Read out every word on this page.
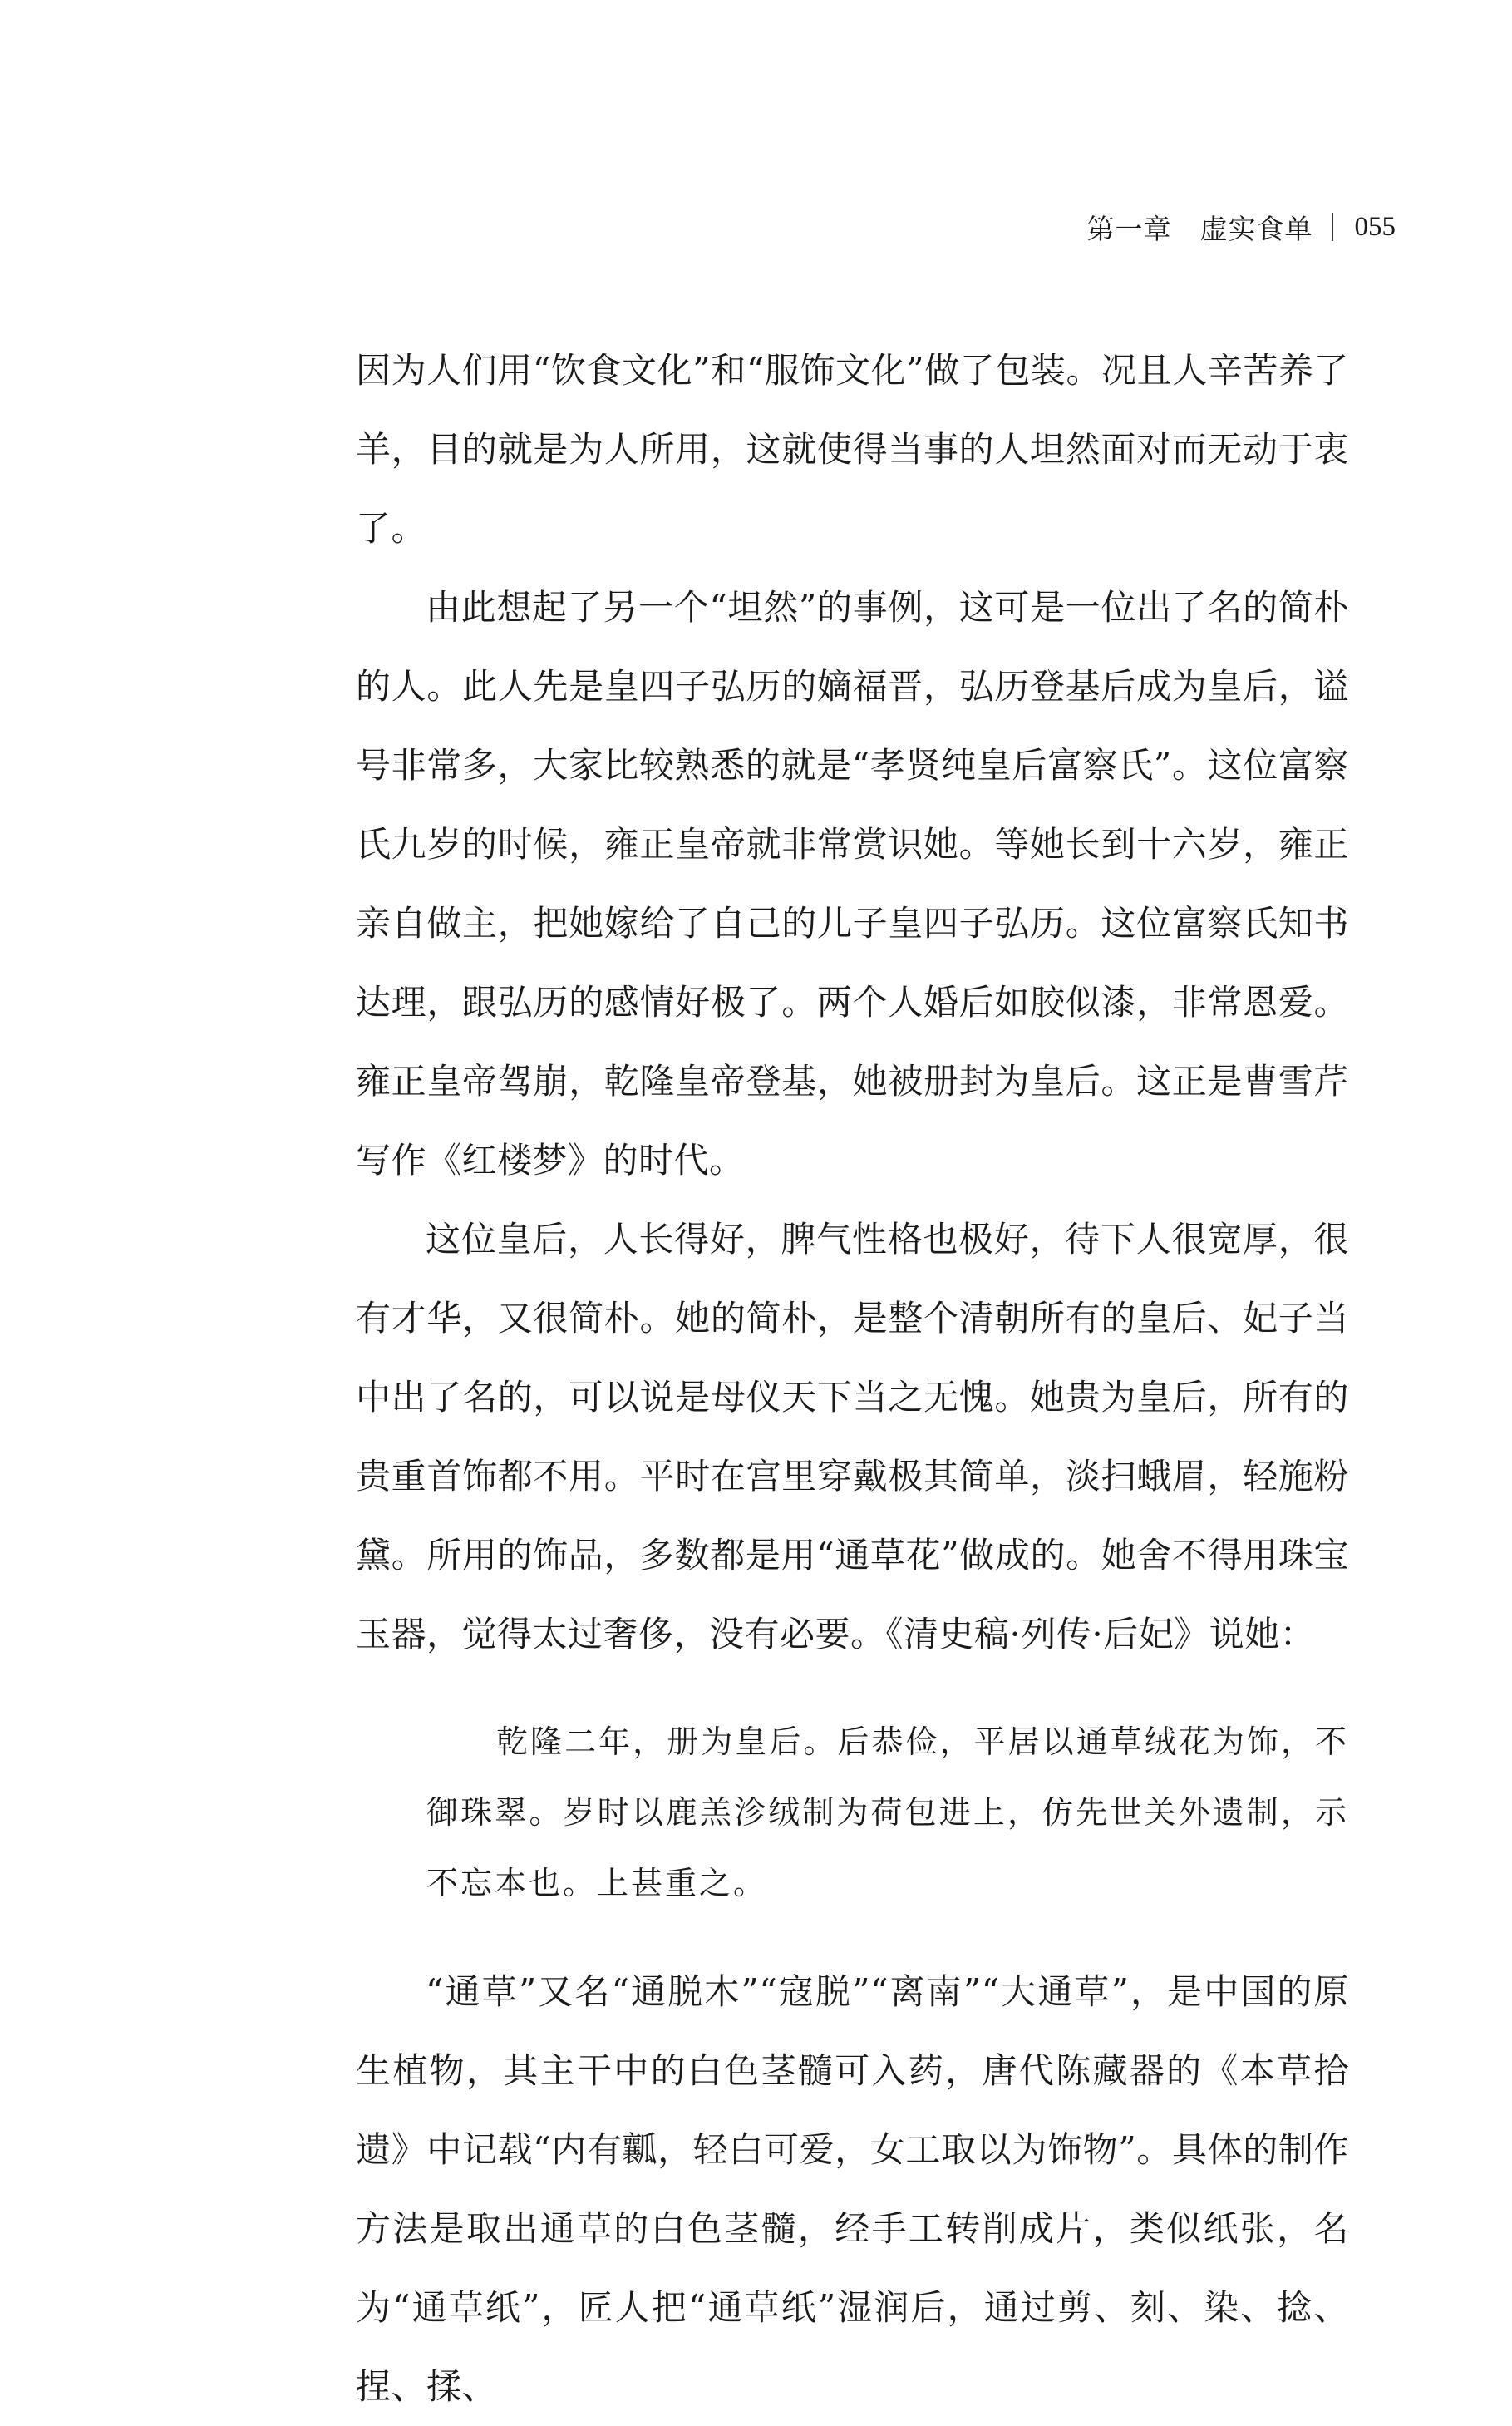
第一章 虚实食单 055

因为人们用“饮食文化”和“服饰文化”做了包装。况且人辛苦养了羊，目的就是为人所用，这就使得当事的人坦然面对而无动于衷了。

由此想起了另一个“坦然”的事例，这可是一位出了名的简朴的人。此人先是皇四子弘历的嫡福晋，弘历登基后成为皇后，谥号非常多，大家比较熟悉的就是“孝贤纯皇后富察氏”。这位富察氏九岁的时候，雍正皇帝就非常赏识她。等她长到十六岁，雍正亲自做主，把她嫁给了自己的儿子皇四子弘历。这位富察氏知书达理，跟弘历的感情好极了。两个人婚后如胶似漆，非常恩爱。雍正皇帝驾崩，乾隆皇帝登基，她被册封为皇后。这正是曹雪芹写作《红楼梦》的时代。

这位皇后，人长得好，脾气性格也极好，待下人很宽厚，很有才华，又很简朴。她的简朴，是整个清朝所有的皇后、妃子当中出了名的，可以说是母仪天下当之无愧。她贵为皇后，所有的贵重首饰都不用。平时在宫里穿戴极其简单，淡扫蛾眉，轻施粉黛。所用的饰品，多数都是用“通草花”做成的。她舍不得用珠宝玉器，觉得太过奢侈，没有必要。《清史稿·列传·后妃》说她：

乾隆二年，册为皇后。后恭俭，平居以通草绒花为饰，不御珠翠。岁时以鹿羔沴绒制为荷包进上，仿先世关外遗制，示不忘本也。上甚重之。

“通草”又名“通脱木”“寇脱”“离南”“大通草”，是中国的原生植物，其主干中的白色茎髓可入药，唐代陈藏器的《本草拾遗》中记载“内有瓤，轻白可爱，女工取以为饰物”。具体的制作方法是取出通草的白色茎髓，经手工转削成片，类似纸张，名为“通草纸”，匠人把“通草纸”湿润后，通过剪、刻、染、捻、捏、揉、
